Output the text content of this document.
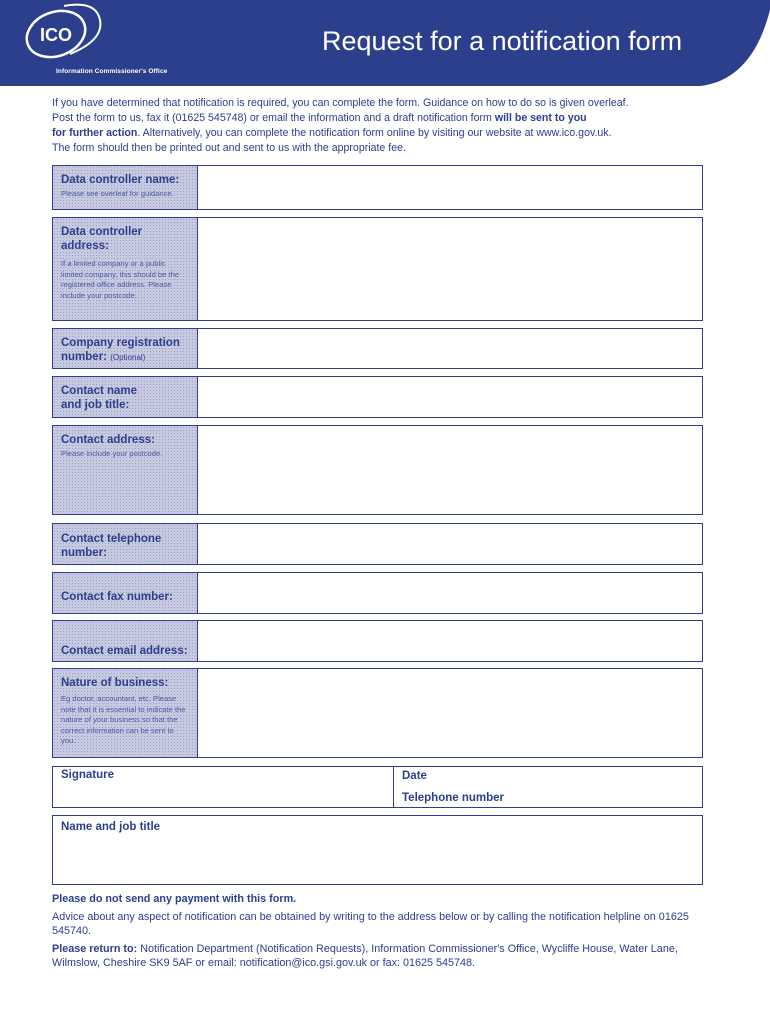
ICO
Information Commissioner's Office
Request for a notification form

If you have determined that notification is required, you can complete the form. Guidance on how to do so is given overleaf.

Post the form to us, fax it (01625 545748) or email the information and a draft notification form will be sent to you

for further action. Alternatively, you can complete the notification form online by visiting our website at www.ico.gov.uk.

The form should then be printed out and sent to us with the appropriate fee.

Data controller name:
Please see overleaf for guidance.
Data controller address:
If a limited company or a public limited company, this should be the registered office address. Please include your postcode.
Company registration number: (Optional)
Contact name and job title:
Contact address:
Please include your postcode.
Contact telephone number:
Contact fax number:
Contact email address:
Nature of business:
Eg doctor, accountant, etc. Please note that it is essential to indicate the nature of your business so that the correct information can be sent to you.
Signature	Date
Telephone number
Name and job title
Please do not send any payment with this form.
Advice about any aspect of notification can be obtained by writing to the address below or by calling the notification helpline on 01625 545740.
Please return to: Notification Department (Notification Requests), Information Commissioner's Office, Wycliffe House, Water Lane, Wilmslow, Cheshire SK9 5AF or email: notification@ico.gsi.gov.uk or fax: 01625 545748.
